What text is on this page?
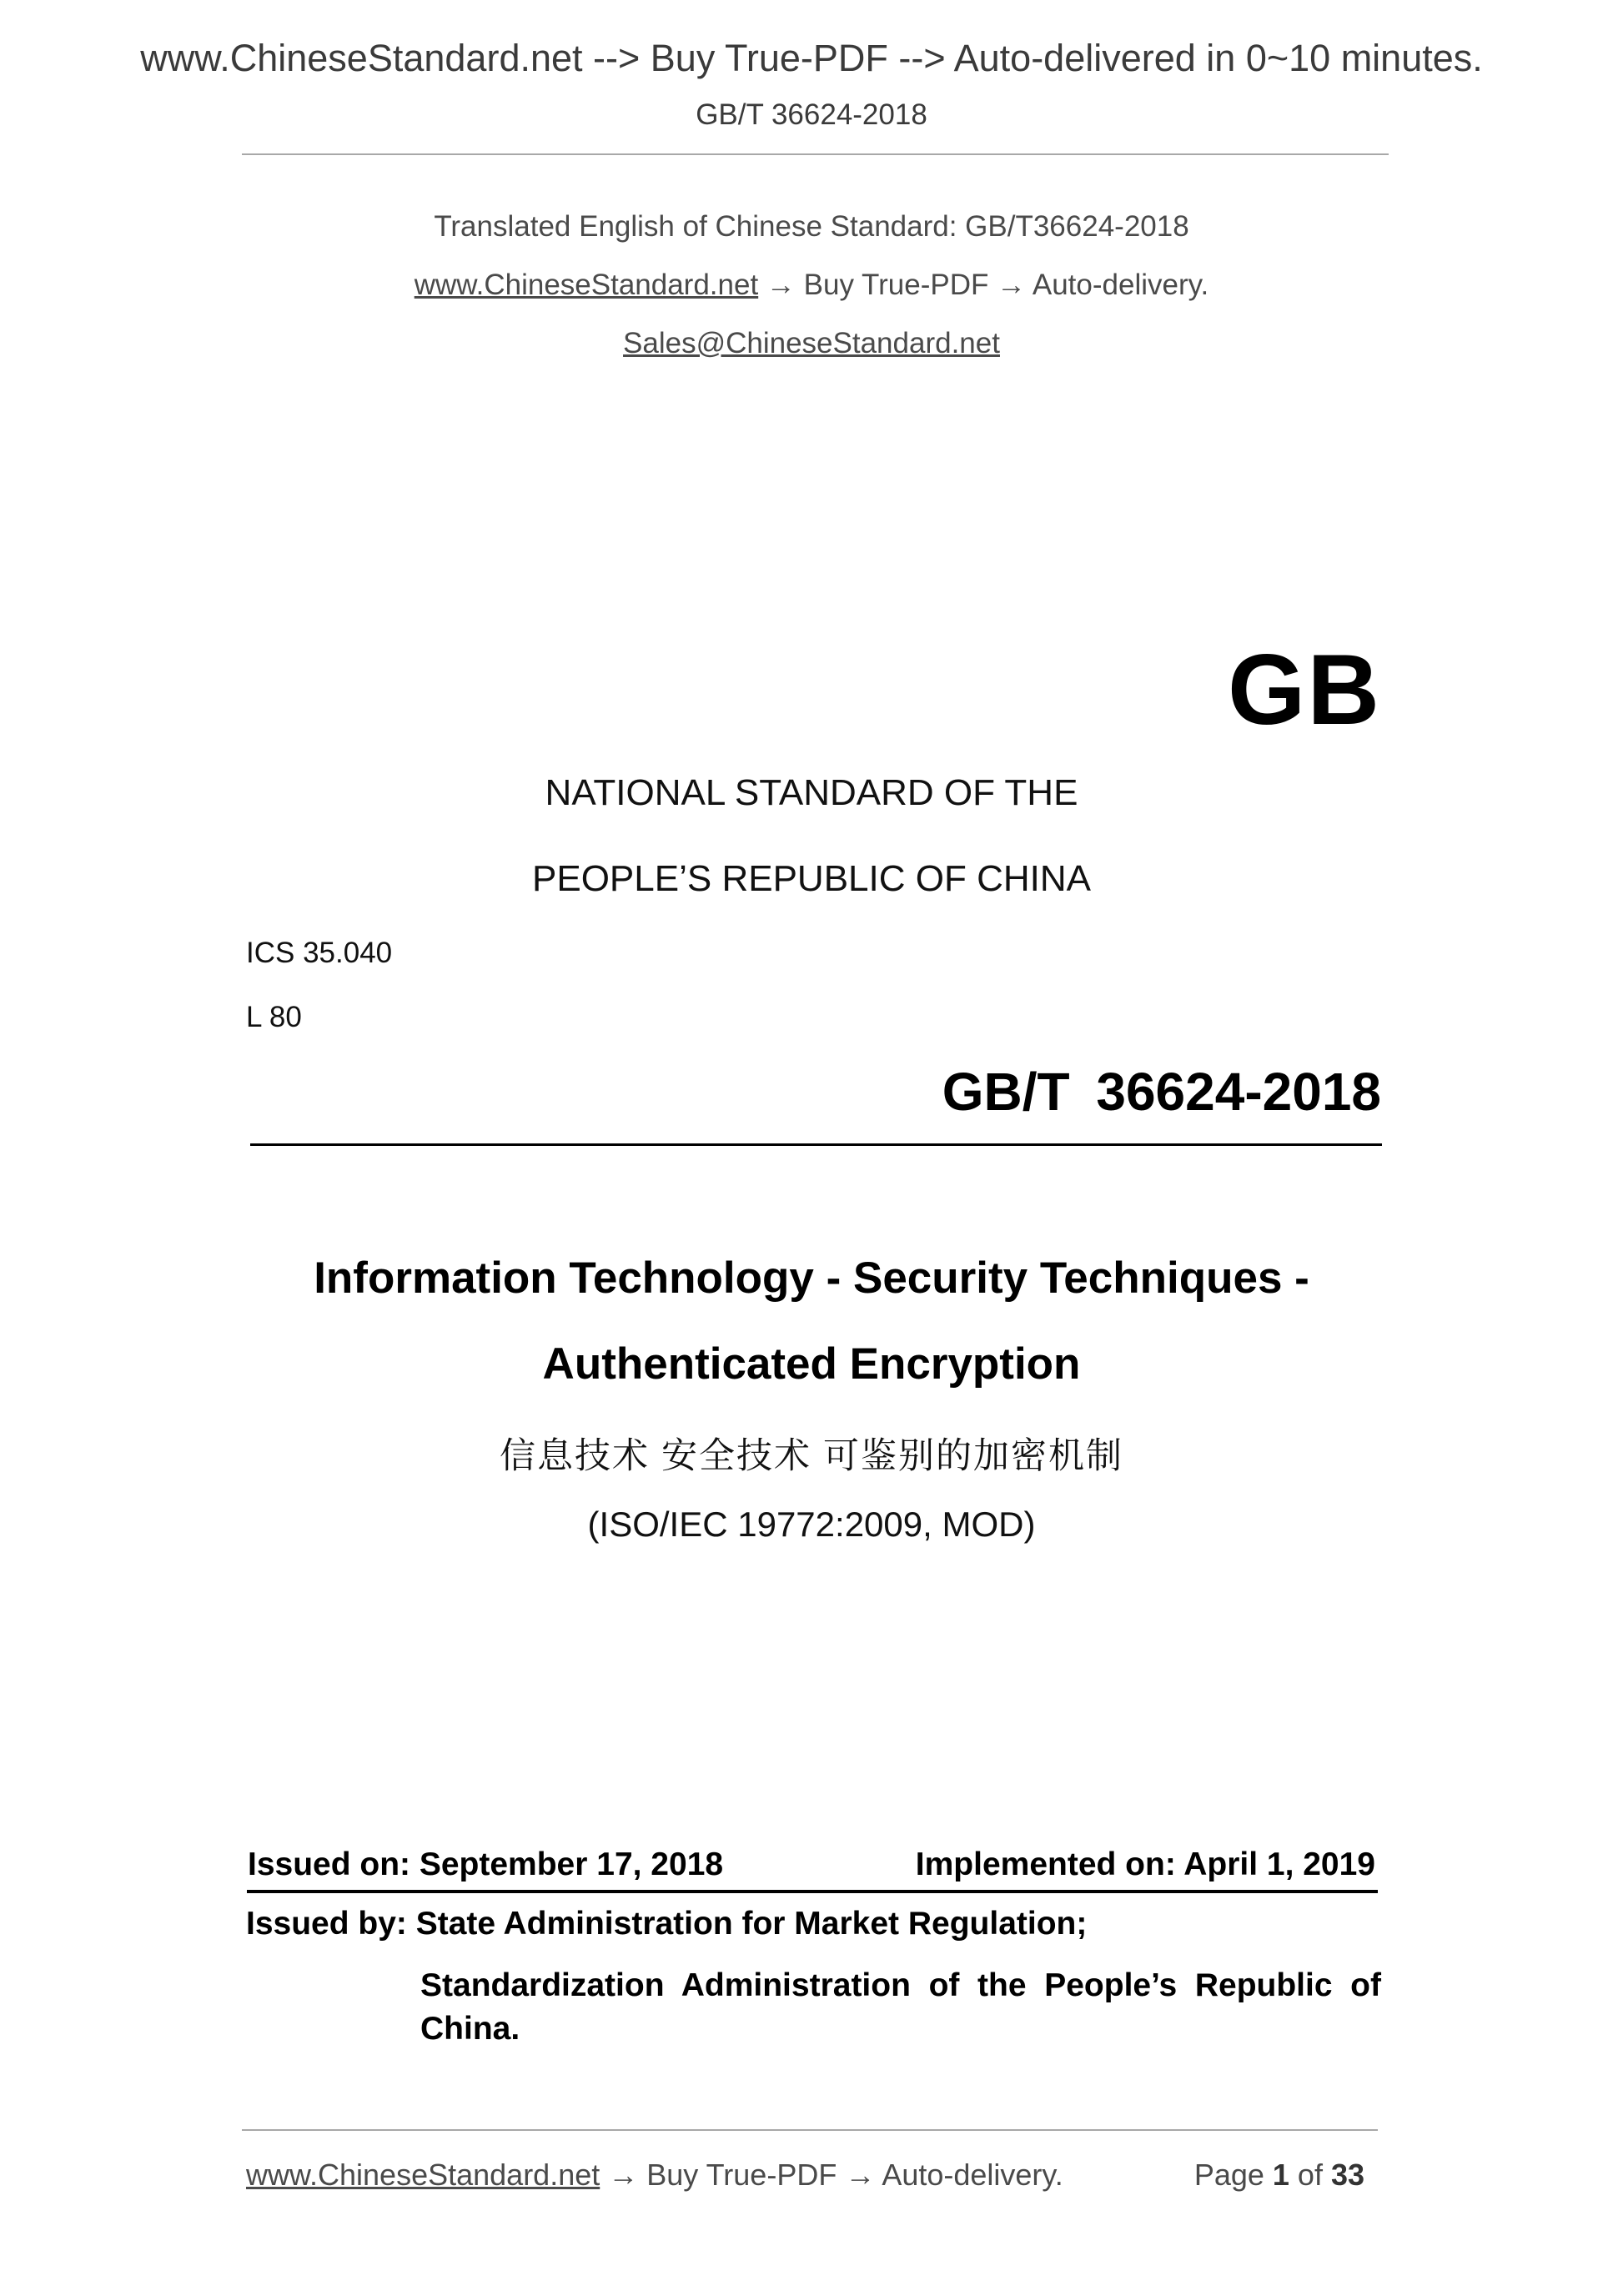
www.ChineseStandard.net --> Buy True-PDF --> Auto-delivered in 0~10 minutes.
GB/T 36624-2018
Translated English of Chinese Standard: GB/T36624-2018
www.ChineseStandard.net → Buy True-PDF → Auto-delivery.
Sales@ChineseStandard.net
GB
NATIONAL STANDARD OF THE
PEOPLE’S REPUBLIC OF CHINA
ICS 35.040
L 80
GB/T 36624-2018
Information Technology - Security Techniques -
Authenticated Encryption
信息技术 安全技术 可鉴别的加密机制
(ISO/IEC 19772:2009, MOD)
Issued on: September 17, 2018	Implemented on: April 1, 2019
Issued by: State Administration for Market Regulation;
Standardization Administration of the People’s Republic of China.
www.ChineseStandard.net → Buy True-PDF → Auto-delivery.	Page 1 of 33
